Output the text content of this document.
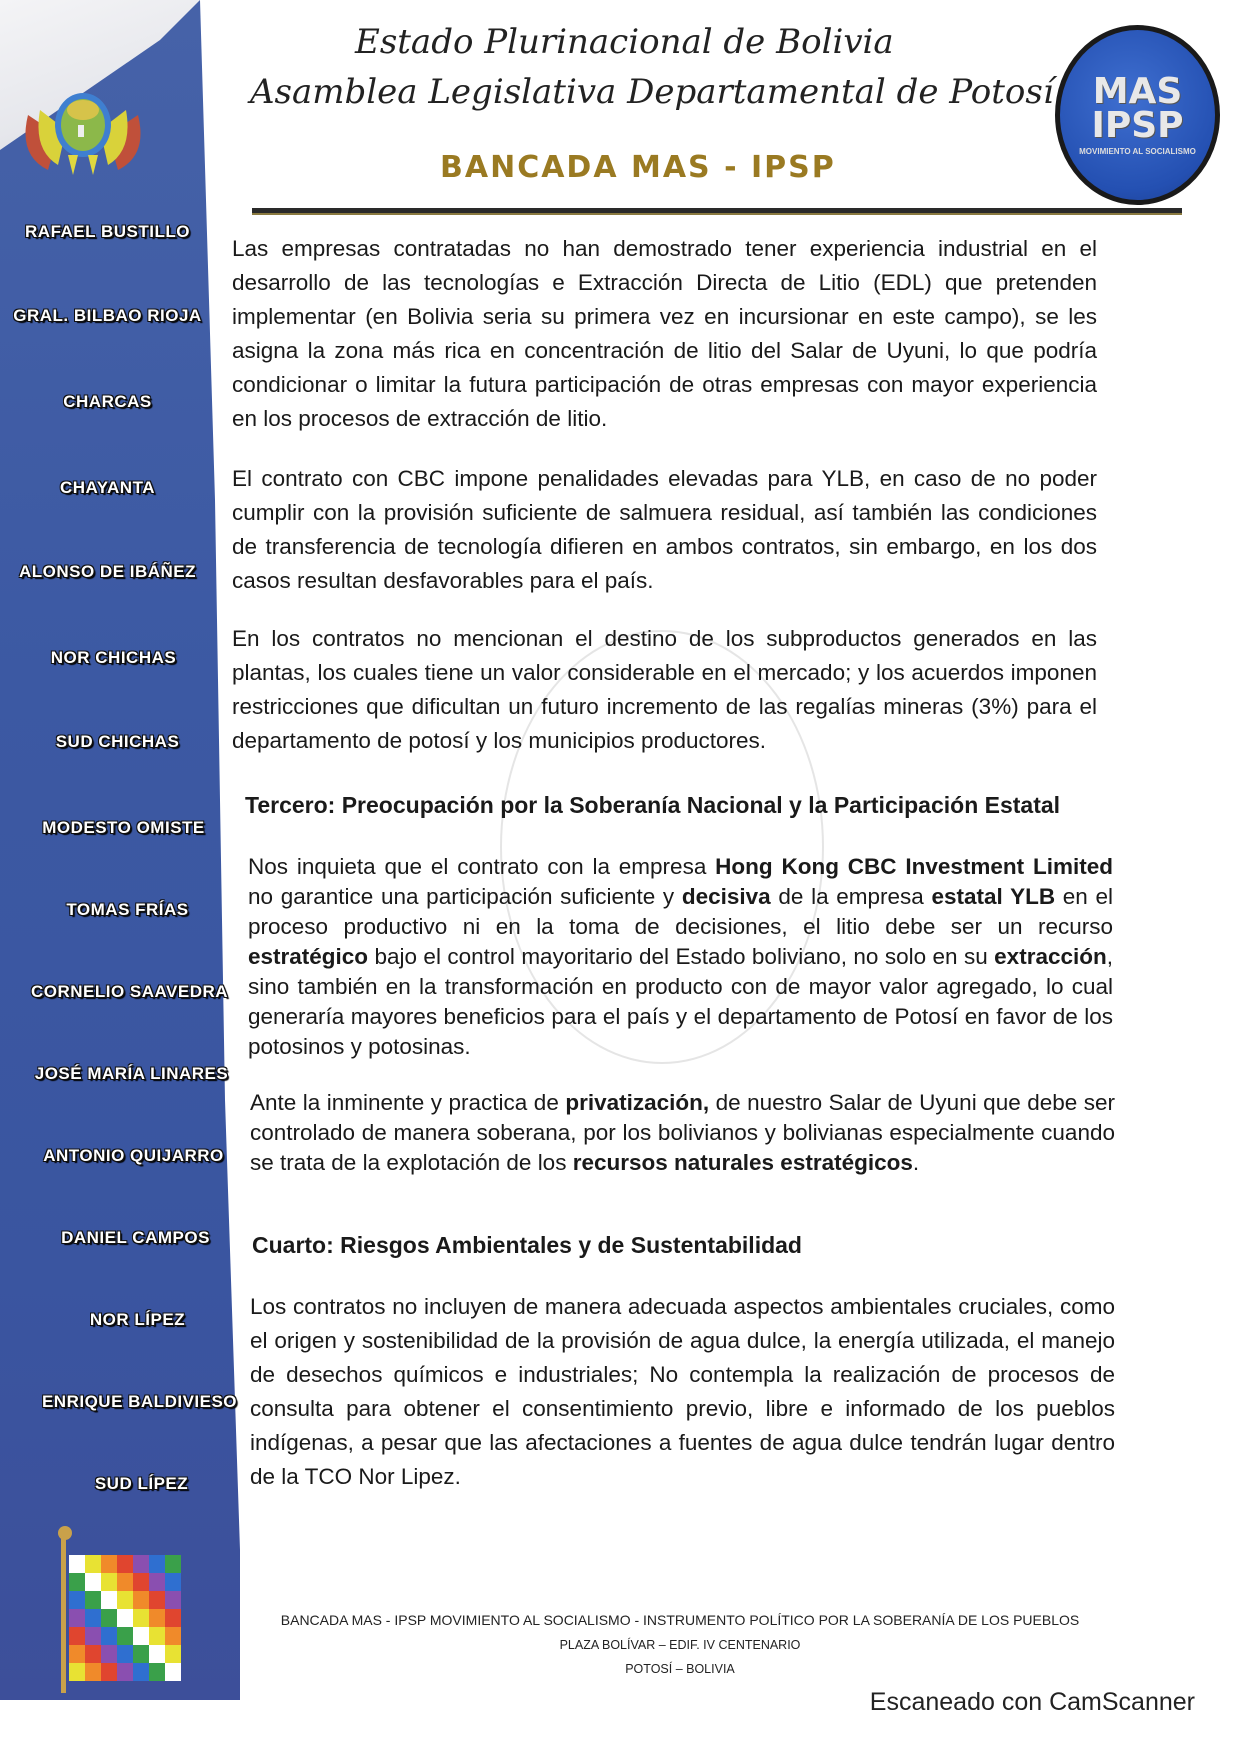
Estado Plurinacional de Bolivia
Asamblea Legislativa Departamental de Potosí
BANCADA MAS - IPSP
MAS
IPSP
MOVIMIENTO AL SOCIALISMO
RAFAEL BUSTILLO
GRAL. BILBAO RIOJA
CHARCAS
CHAYANTA
ALONSO DE IBÁÑEZ
NOR CHICHAS
SUD CHICHAS
MODESTO OMISTE
TOMAS FRÍAS
CORNELIO SAAVEDRA
JOSÉ MARÍA LINARES
ANTONIO QUIJARRO
DANIEL CAMPOS
NOR LÍPEZ
ENRIQUE BALDIVIESO
SUD LÍPEZ
Las empresas contratadas no han demostrado tener experiencia industrial en el desarrollo de las tecnologías e Extracción Directa de Litio (EDL) que pretenden implementar (en Bolivia seria su primera vez en incursionar en este campo), se les asigna la zona más rica en concentración de litio del Salar de Uyuni, lo que podría condicionar o limitar la futura participación de otras empresas con mayor experiencia en los procesos de extracción de litio.
El contrato con CBC impone penalidades elevadas para YLB, en caso de no poder cumplir con la provisión suficiente de salmuera residual, así también las condiciones de transferencia de tecnología difieren en ambos contratos, sin embargo, en los dos casos resultan desfavorables para el país.
En los contratos no mencionan el destino de los subproductos generados en las plantas, los cuales tiene un valor considerable en el mercado; y los acuerdos imponen restricciones que dificultan un futuro incremento de las regalías mineras (3%) para el departamento de potosí y los municipios productores.
Tercero: Preocupación por la Soberanía Nacional y la Participación Estatal
Nos inquieta que el contrato con la empresa Hong Kong CBC Investment Limited no garantice una participación suficiente y decisiva de la empresa estatal YLB en el proceso productivo ni en la toma de decisiones, el litio debe ser un recurso estratégico bajo el control mayoritario del Estado boliviano, no solo en su extracción, sino también en la transformación en producto con de mayor valor agregado, lo cual generaría mayores beneficios para el país y el departamento de Potosí en favor de los potosinos y potosinas.
Ante la inminente y practica de privatización, de nuestro Salar de Uyuni que debe ser controlado de manera soberana, por los bolivianos y bolivianas especialmente cuando se trata de la explotación de los recursos naturales estratégicos.
Cuarto: Riesgos Ambientales y de Sustentabilidad
Los contratos no incluyen de manera adecuada aspectos ambientales cruciales, como el origen y sostenibilidad de la provisión de agua dulce, la energía utilizada, el manejo de desechos químicos e industriales; No contempla la realización de procesos de consulta para obtener el consentimiento previo, libre e informado de los pueblos indígenas, a pesar que las afectaciones a fuentes de agua dulce tendrán lugar dentro de la TCO Nor Lipez.
BANCADA MAS - IPSP MOVIMIENTO AL SOCIALISMO - INSTRUMENTO POLÍTICO POR LA SOBERANÍA DE LOS PUEBLOS
PLAZA BOLÍVAR – EDIF. IV CENTENARIO
POTOSÍ – BOLIVIA
Escaneado con CamScanner
